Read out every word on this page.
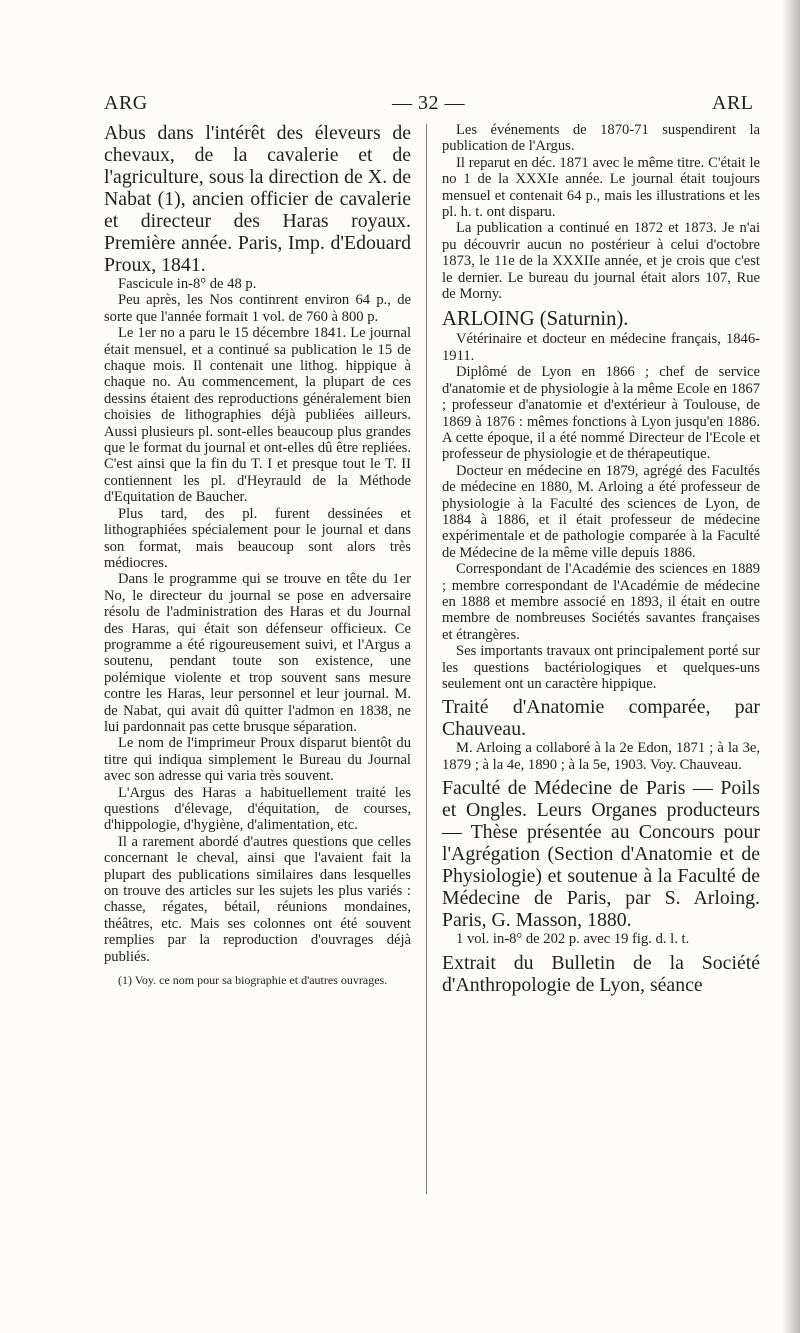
ARG	— 32 —	ARL

Abus dans l'intérêt des éleveurs de chevaux, de la cavalerie et de l'agriculture, sous la direction de X. de Nabat (1), ancien officier de cavalerie et directeur des Haras royaux. Première année. Paris, Imp. d'Edouard Proux, 1841.

Fascicule in-8° de 48 p.

Peu après, les Nos continrent environ 64 p., de sorte que l'année formait 1 vol. de 760 à 800 p.

Le 1er no a paru le 15 décembre 1841. Le journal était mensuel, et a continué sa publication le 15 de chaque mois. Il contenait une lithog. hippique à chaque no. Au commencement, la plupart de ces dessins étaient des reproductions généralement bien choisies de lithographies déjà publiées ailleurs. Aussi plusieurs pl. sont-elles beaucoup plus grandes que le format du journal et ont-elles dû être repliées. C'est ainsi que la fin du T. I et presque tout le T. II contiennent les pl. d'Heyrauld de la Méthode d'Equitation de Baucher.

Plus tard, des pl. furent dessinées et lithographiées spécialement pour le journal et dans son format, mais beaucoup sont alors très médiocres.

Dans le programme qui se trouve en tête du 1er No, le directeur du journal se pose en adversaire résolu de l'administration des Haras et du Journal des Haras, qui était son défenseur officieux. Ce programme a été rigoureusement suivi, et l'Argus a soutenu, pendant toute son existence, une polémique violente et trop souvent sans mesure contre les Haras, leur personnel et leur journal. M. de Nabat, qui avait dû quitter l'admon en 1838, ne lui pardonnait pas cette brusque séparation.

Le nom de l'imprimeur Proux disparut bientôt du titre qui indiqua simplement le Bureau du Journal avec son adresse qui varia très souvent.

L'Argus des Haras a habituellement traité les questions d'élevage, d'équitation, de courses, d'hippologie, d'hygiène, d'alimentation, etc.

Il a rarement abordé d'autres questions que celles concernant le cheval, ainsi que l'avaient fait la plupart des publications similaires dans lesquelles on trouve des articles sur les sujets les plus variés : chasse, régates, bétail, réunions mondaines, théâtres, etc. Mais ses colonnes ont été souvent remplies par la reproduction d'ouvrages déjà publiés.

(1) Voy. ce nom pour sa biographie et d'autres ouvrages.

Les événements de 1870-71 suspendirent la publication de l'Argus.

Il reparut en déc. 1871 avec le même titre. C'était le no 1 de la XXXIe année. Le journal était toujours mensuel et contenait 64 p., mais les illustrations et les pl. h. t. ont disparu.

La publication a continué en 1872 et 1873. Je n'ai pu découvrir aucun no postérieur à celui d'octobre 1873, le 11e de la XXXIIe année, et je crois que c'est le dernier. Le bureau du journal était alors 107, Rue de Morny.

ARLOING (Saturnin).

Vétérinaire et docteur en médecine français, 1846-1911.

Diplômé de Lyon en 1866 ; chef de service d'anatomie et de physiologie à la même Ecole en 1867 ; professeur d'anatomie et d'extérieur à Toulouse, de 1869 à 1876 : mêmes fonctions à Lyon jusqu'en 1886. A cette époque, il a été nommé Directeur de l'Ecole et professeur de physiologie et de thérapeutique.

Docteur en médecine en 1879, agrégé des Facultés de médecine en 1880, M. Arloing a été professeur de physiologie à la Faculté des sciences de Lyon, de 1884 à 1886, et il était professeur de médecine expérimentale et de pathologie comparée à la Faculté de Médecine de la même ville depuis 1886.

Correspondant de l'Académie des sciences en 1889 ; membre correspondant de l'Académie de médecine en 1888 et membre associé en 1893, il était en outre membre de nombreuses Sociétés savantes françaises et étrangères.

Ses importants travaux ont principalement porté sur les questions bactériologiques et quelques-uns seulement ont un caractère hippique.

Traité d'Anatomie comparée, par Chauveau.

M. Arloing a collaboré à la 2e Edon, 1871 ; à la 3e, 1879 ; à la 4e, 1890 ; à la 5e, 1903. Voy. Chauveau.

Faculté de Médecine de Paris — Poils et Ongles. Leurs Organes producteurs — Thèse présentée au Concours pour l'Agrégation (Section d'Anatomie et de Physiologie) et soutenue à la Faculté de Médecine de Paris, par S. Arloing. Paris, G. Masson, 1880.

1 vol. in-8° de 202 p. avec 19 fig. d. l. t.

Extrait du Bulletin de la Société d'Anthropologie de Lyon, séance
